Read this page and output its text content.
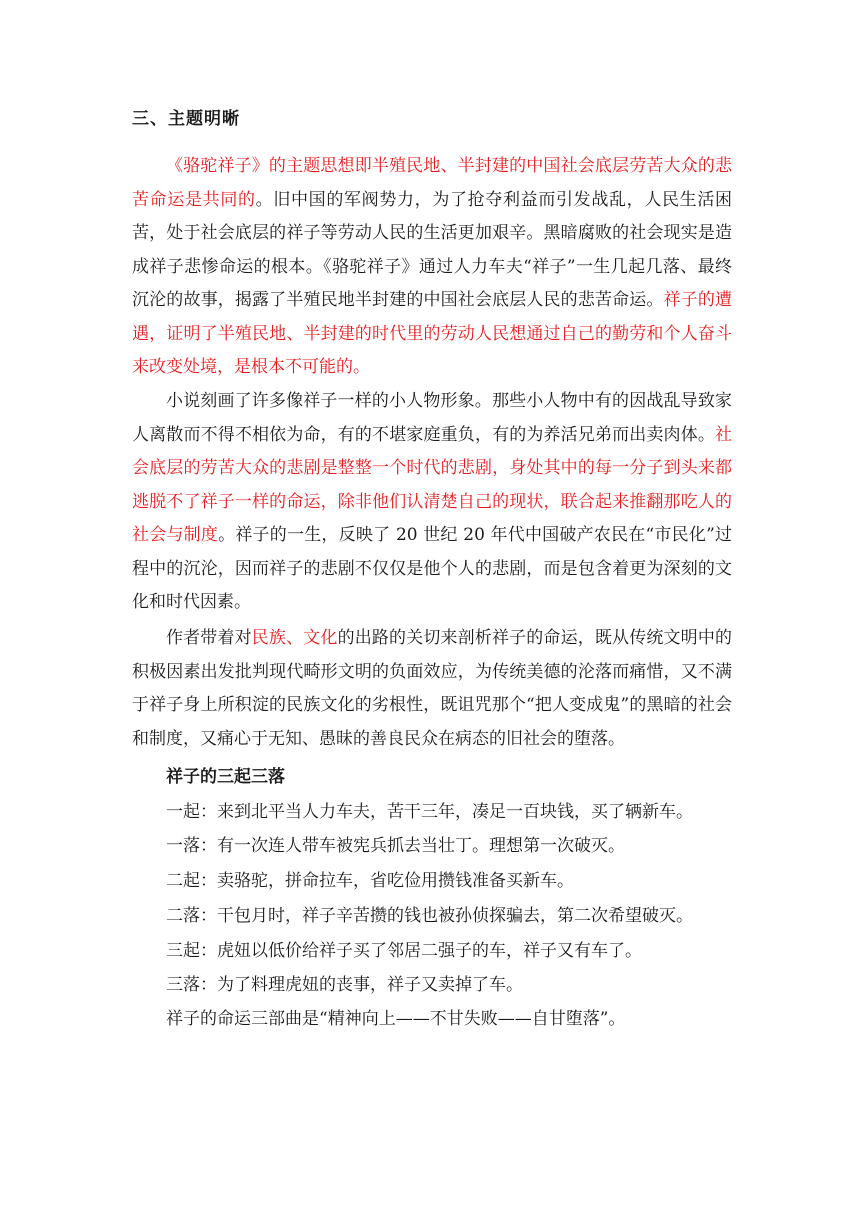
三、主题明晰

《骆驼祥子》的主题思想即半殖民地、半封建的中国社会底层劳苦大众的悲苦命运是共同的。旧中国的军阀势力，为了抢夺利益而引发战乱，人民生活困苦，处于社会底层的祥子等劳动人民的生活更加艰辛。黑暗腐败的社会现实是造成祥子悲惨命运的根本。《骆驼祥子》通过人力车夫“祥子”一生几起几落、最终沉沦的故事，揭露了半殖民地半封建的中国社会底层人民的悲苦命运。祥子的遭遇，证明了半殖民地、半封建的时代里的劳动人民想通过自己的勤劳和个人奋斗来改变处境，是根本不可能的。

小说刻画了许多像祥子一样的小人物形象。那些小人物中有的因战乱导致家人离散而不得不相依为命，有的不堪家庭重负，有的为养活兄弟而出卖肉体。社会底层的劳苦大众的悲剧是整整一个时代的悲剧，身处其中的每一分子到头来都逃脱不了祥子一样的命运，除非他们认清楚自己的现状，联合起来推翻那吃人的社会与制度。祥子的一生，反映了 20 世纪 20 年代中国破产农民在“市民化”过程中的沉沦，因而祥子的悲剧不仅仅是他个人的悲剧，而是包含着更为深刻的文化和时代因素。

作者带着对民族、文化的出路的关切来剖析祥子的命运，既从传统文明中的积极因素出发批判现代畸形文明的负面效应，为传统美德的沦落而痛惜，又不满于祥子身上所积淀的民族文化的劣根性，既诅咒那个“把人变成鬼”的黑暗的社会和制度，又痛心于无知、愚昧的善良民众在病态的旧社会的堕落。

祥子的三起三落
一起：来到北平当人力车夫，苦干三年，凑足一百块钱，买了辆新车。
一落：有一次连人带车被宪兵抓去当壮丁。理想第一次破灭。
二起：卖骆驼，拼命拉车，省吃俭用攒钱准备买新车。
二落：干包月时，祥子辛苦攒的钱也被孙侦探骗去，第二次希望破灭。
三起：虎妞以低价给祥子买了邻居二强子的车，祥子又有车了。
三落：为了料理虎妞的丧事，祥子又卖掉了车。
祥子的命运三部曲是“精神向上——不甘失败——自甘堕落”。
